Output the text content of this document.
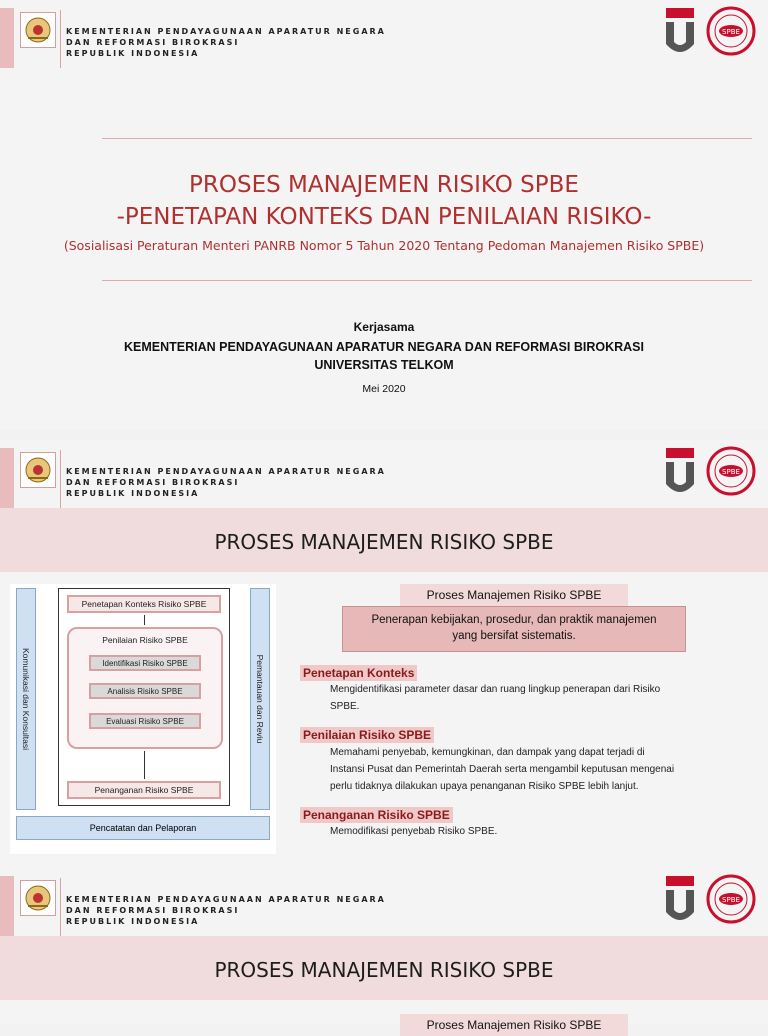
KEMENTERIAN PENDAYAGUNAAN APARATUR NEGARA
DAN REFORMASI BIROKRASI
REPUBLIK INDONESIA
SPBE
PROSES MANAJEMEN RISIKO SPBE
-PENETAPAN KONTEKS DAN PENILAIAN RISIKO-
(Sosialisasi Peraturan Menteri PANRB Nomor 5 Tahun 2020 Tentang Pedoman Manajemen Risiko SPBE)
Kerjasama
KEMENTERIAN PENDAYAGUNAAN APARATUR NEGARA DAN REFORMASI BIROKRASI
UNIVERSITAS TELKOM
Mei 2020
KEMENTERIAN PENDAYAGUNAAN APARATUR NEGARA
DAN REFORMASI BIROKRASI
REPUBLIK INDONESIA
SPBE
PROSES MANAJEMEN RISIKO SPBE
Komunikasi dan Konsultasi	Pemantauan dan Reviu
Penetapan Konteks Risiko SPBE
Penilaian Risiko SPBE
Identifikasi Risiko SPBE
Analisis Risiko SPBE
Evaluasi Risiko SPBE
Penanganan Risiko SPBE
Pencatatan dan Pelaporan
Proses Manajemen Risiko SPBE
Penerapan kebijakan, prosedur, dan praktik manajemen
yang bersifat sistematis.
Penetapan Konteks
Mengidentifikasi parameter dasar dan ruang lingkup penerapan dari Risiko
SPBE.
Penilaian Risiko SPBE
Memahami penyebab, kemungkinan, dan dampak yang dapat terjadi di
Instansi Pusat dan Pemerintah Daerah serta mengambil keputusan mengenai
perlu tidaknya dilakukan upaya penanganan Risiko SPBE lebih lanjut.
Penanganan Risiko SPBE
Memodifikasi penyebab Risiko SPBE.
KEMENTERIAN PENDAYAGUNAAN APARATUR NEGARA
DAN REFORMASI BIROKRASI
REPUBLIK INDONESIA
SPBE
PROSES MANAJEMEN RISIKO SPBE
Proses Manajemen Risiko SPBE
